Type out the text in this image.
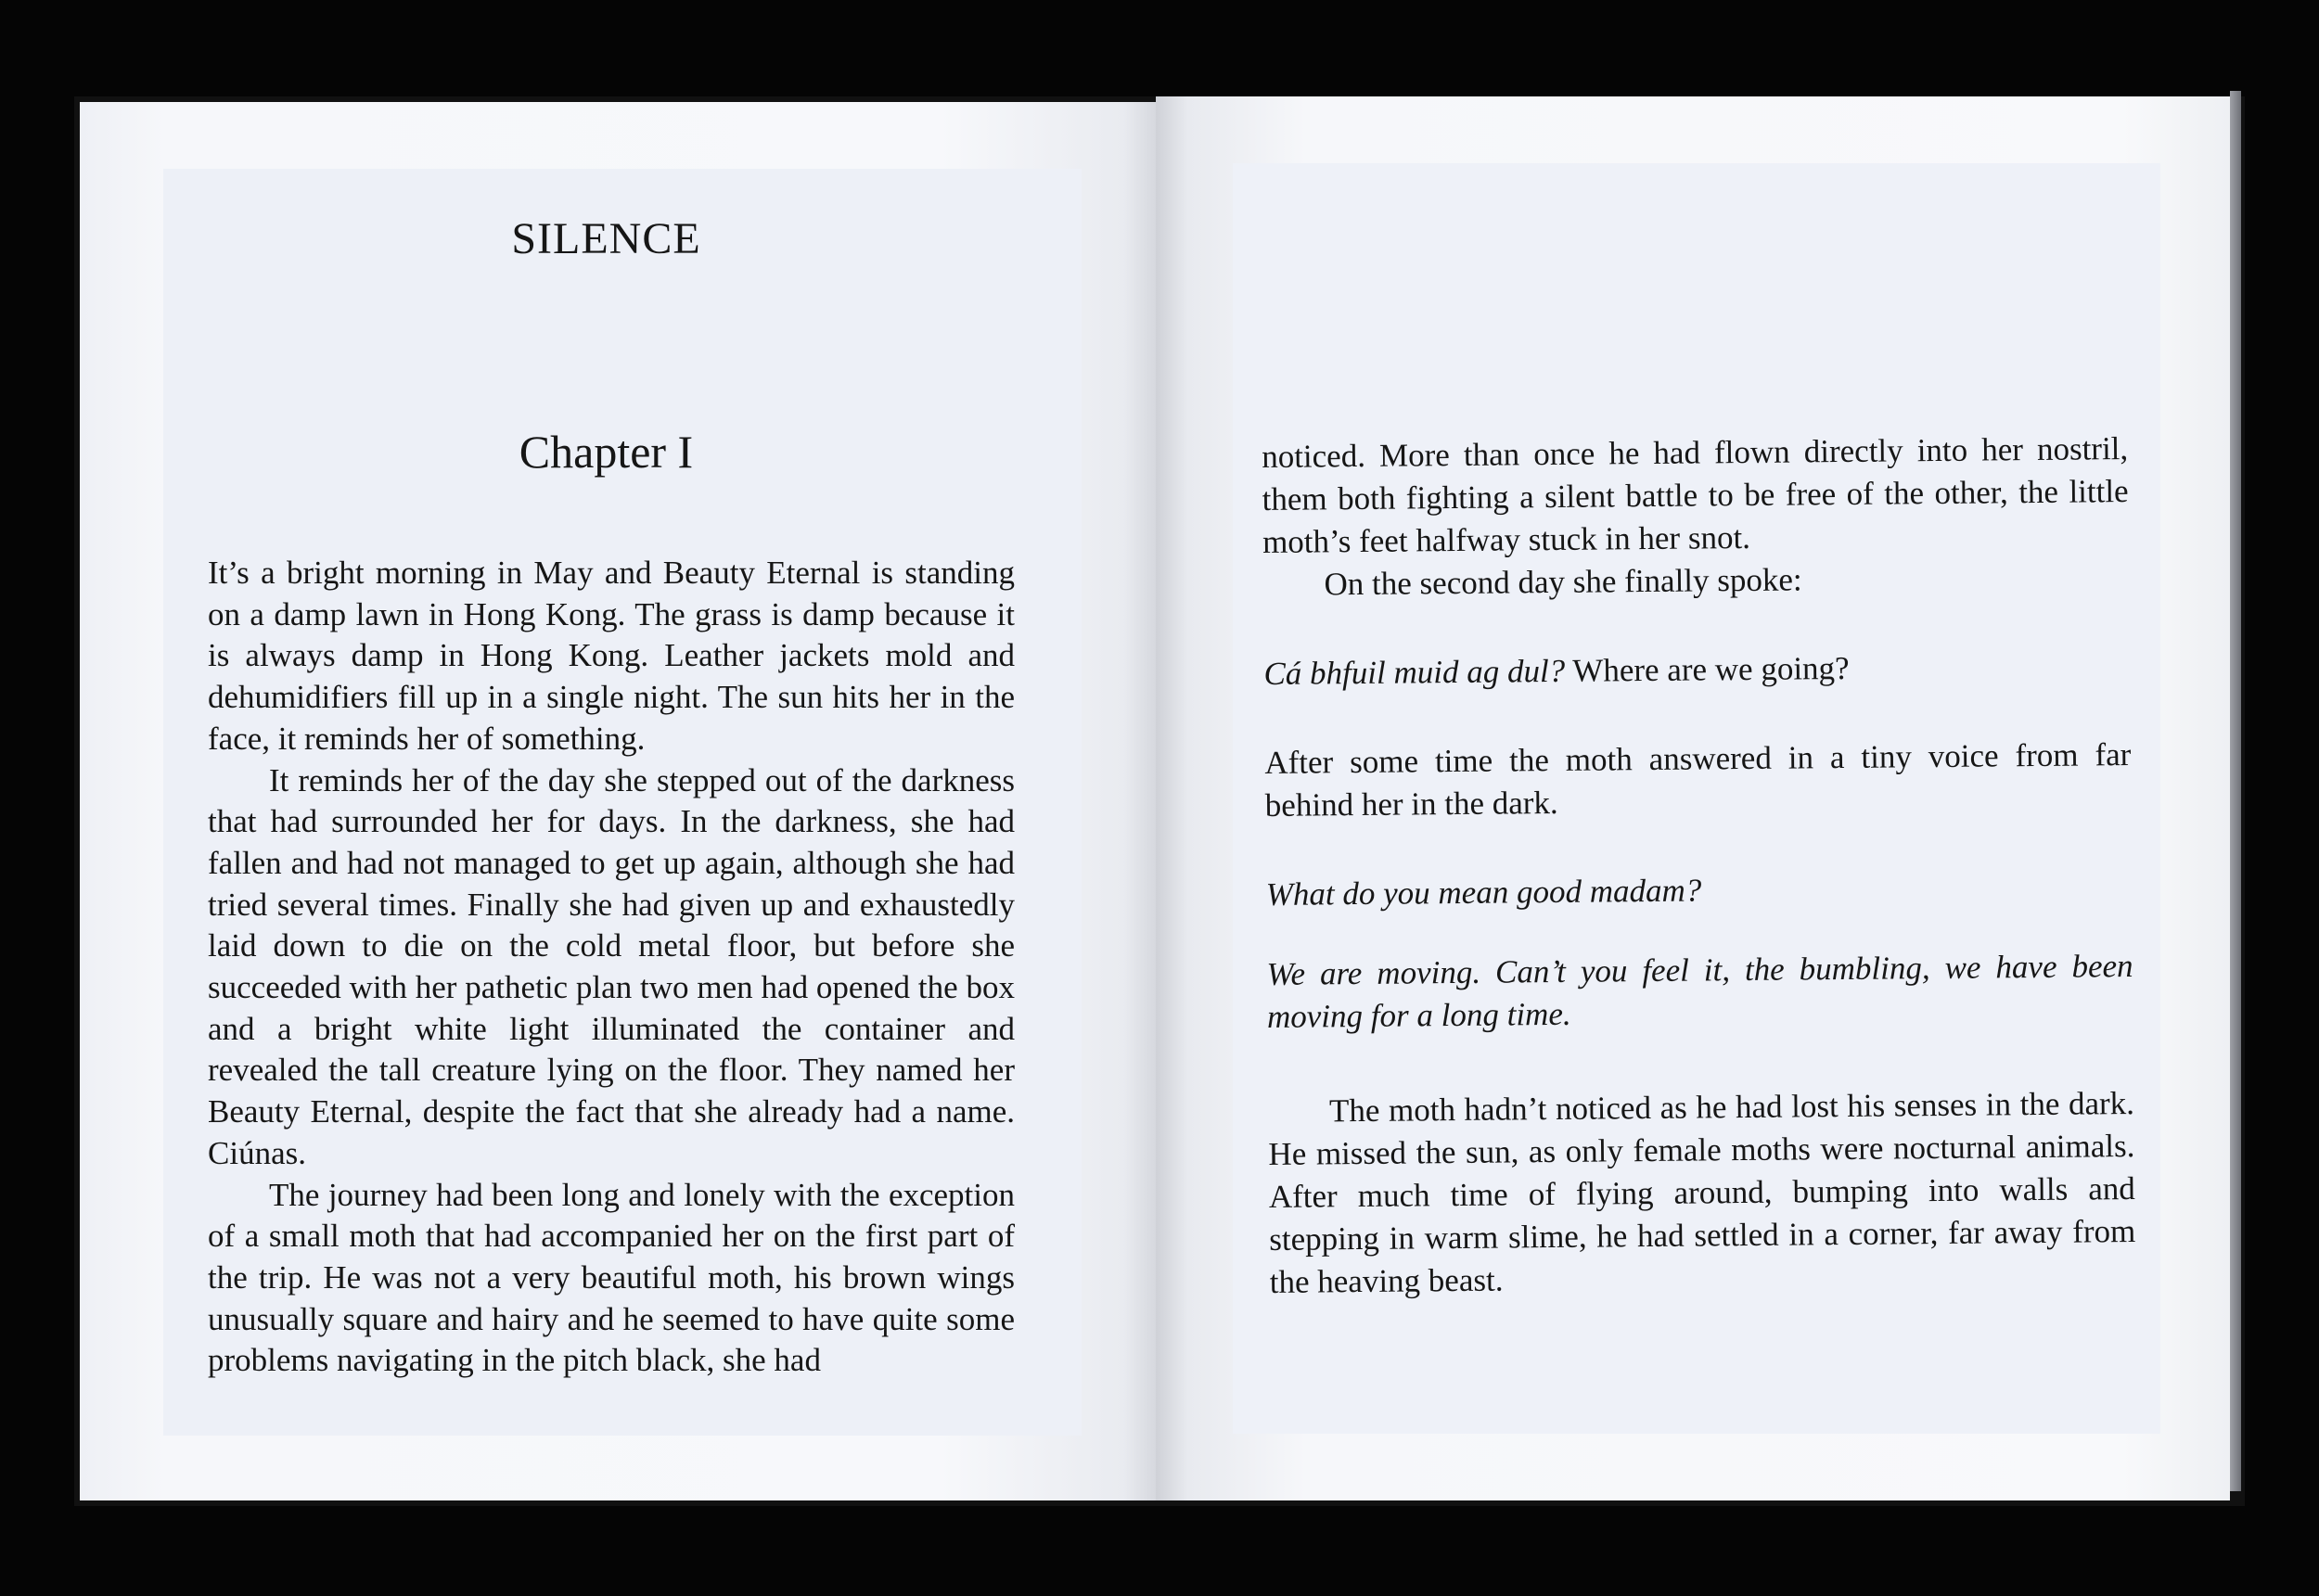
SILENCE
Chapter I

It’s a bright morning in May and Beauty Eternal is standing on a damp lawn in Hong Kong. The grass is damp because it is always damp in Hong Kong. Leather jackets mold and dehumidifiers fill up in a single night. The sun hits her in the face, it reminds her of something.

It reminds her of the day she stepped out of the darkness that had surrounded her for days. In the darkness, she had fallen and had not managed to get up again, although she had tried several times. Finally she had given up and exhaustedly laid down to die on the cold metal floor, but before she succeeded with her pathetic plan two men had opened the box and a bright white light illuminated the container and revealed the tall creature lying on the floor. They named her Beauty Eternal, despite the fact that she already had a name. Ciúnas.

The journey had been long and lonely with the exception of a small moth that had accompanied her on the first part of the trip. He was not a very beautiful moth, his brown wings unusually square and hairy and he seemed to have quite some problems navigating in the pitch black, she had

noticed. More than once he had flown directly into her nostril, them both fighting a silent battle to be free of the other, the little moth’s feet halfway stuck in her snot.

On the second day she finally spoke:

Cá bhfuil muid ag dul? Where are we going?

After some time the moth answered in a tiny voice from far behind her in the dark.

What do you mean good madam?

We are moving. Can’t you feel it, the bumbling, we have been moving for a long time.

The moth hadn’t noticed as he had lost his senses in the dark. He missed the sun, as only female moths were nocturnal animals. After much time of flying around, bumping into walls and stepping in warm slime, he had settled in a corner, far away from the heaving beast.
